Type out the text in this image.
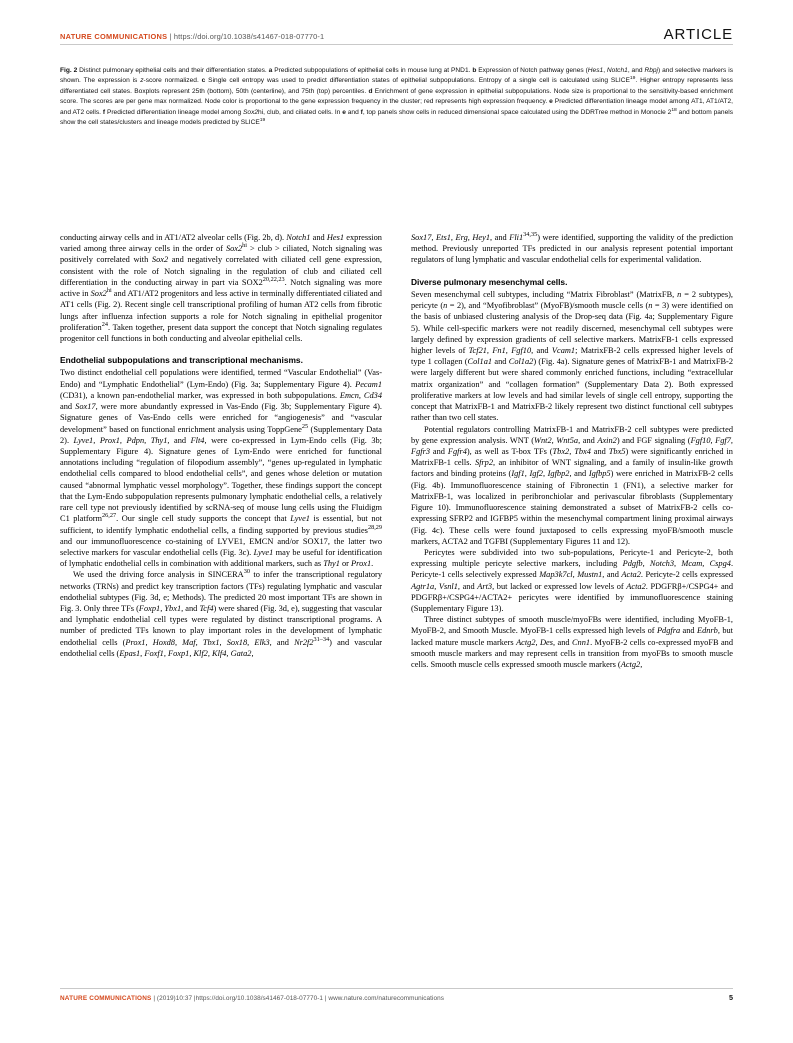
NATURE COMMUNICATIONS | https://doi.org/10.1038/s41467-018-07770-1	ARTICLE
Fig. 2 Distinct pulmonary epithelial cells and their differentiation states. a Predicted subpopulations of epithelial cells in mouse lung at PND1. b Expression of Notch pathway genes (Hes1, Notch1, and Rbpj) and selective markers is shown. The expression is z-score normalized. c Single cell entropy was used to predict differentiation states of epithelial subpopulations. Entropy of a single cell is calculated using SLICE$^{19}$. Higher entropy represents less differentiated cell states. Boxplots represent 25th (bottom), 50th (centerline), and 75th (top) percentiles. d Enrichment of gene expression in epithelial subpopulations. Node size is proportional to the sensitivity-based enrichment score. The scores are per gene max normalized. Node color is proportional to the gene expression frequency in the cluster; red represents high expression frequency. e Predicted differentiation lineage model among AT1, AT1/AT2, and AT2 cells. f Predicted differentiation lineage model among Sox2hi, club, and ciliated cells. In e and f, top panels show cells in reduced dimensional space calculated using the DDRTree method in Monocle $2^{18}$ and bottom panels show the cell states/clusters and lineage models predicted by SLICE$^{19}$

conducting airway cells and in AT1/AT2 alveolar cells (Fig. 2b, d). Notch1 and Hes1 expression varied among three airway cells in the order of $Sox2^{hi}$ > club > ciliated, Notch signaling was positively correlated with Sox2 and negatively correlated with ciliated cell gene expression, consistent with the role of Notch signaling in the regulation of club and ciliated cell differentiation in the conducting airway in part via SOX2$^{20,22,23}$. Notch signaling was more active in $Sox2^{hi}$ and AT1/AT2 progenitors and less active in terminally differentiated ciliated and AT1 cells (Fig. 2). Recent single cell transcriptional profiling of human AT2 cells from fibrotic lungs after influenza infection supports a role for Notch signaling in epithelial progenitor proliferation$^{24}$. Taken together, present data support the concept that Notch signaling regulates progenitor cell functions in both conducting and alveolar epithelial cells.

Endothelial subpopulations and transcriptional mechanisms.

Two distinct endothelial cell populations were identified, termed “Vascular Endothelial” (Vas-Endo) and “Lymphatic Endothelial” (Lym-Endo) (Fig. 3a; Supplementary Figure 4). Pecam1 (CD31), a known pan-endothelial marker, was expressed in both subpopulations. Emcn, Cd34 and Sox17, were more abundantly expressed in Vas-Endo (Fig. 3b; Supplementary Figure 4). Signature genes of Vas-Endo cells were enriched for “angiogenesis” and “vascular development” based on functional enrichment analysis using ToppGene$^{25}$ (Supplementary Data 2). Lyve1, Prox1, Pdpn, Thy1, and Flt4, were co-expressed in Lym-Endo cells (Fig. 3b; Supplementary Figure 4). Signature genes of Lym-Endo were enriched for functional annotations including “regulation of filopodium assembly”, “genes up-regulated in lymphatic endothelial cells compared to blood endothelial cells”, and genes whose deletion or mutation caused “abnormal lymphatic vessel morphology”. Together, these findings support the concept that the Lym-Endo subpopulation represents pulmonary lymphatic endothelial cells, a relatively rare cell type not previously identified by scRNA-seq of mouse lung cells using the Fluidigm C1 platform$^{26,27}$. Our single cell study supports the concept that Lyve1 is essential, but not sufficient, to identify lymphatic endothelial cells, a finding supported by previous studies$^{28,29}$ and our immunofluorescence co-staining of LYVE1, EMCN and/or SOX17, the latter two selective markers for vascular endothelial cells (Fig. 3c). Lyve1 may be useful for identification of lymphatic endothelial cells in combination with additional markers, such as Thy1 or Prox1.

We used the driving force analysis in SINCERA$^{30}$ to infer the transcriptional regulatory networks (TRNs) and predict key transcription factors (TFs) regulating lymphatic and vascular endothelial subtypes (Fig. 3d, e; Methods). The predicted 20 most important TFs are shown in Fig. 3. Only three TFs (Foxp1, Ybx1, and Tcf4) were shared (Fig. 3d, e), suggesting that vascular and lymphatic endothelial cell types were regulated by distinct transcriptional programs. A number of predicted TFs known to play important roles in the development of lymphatic endothelial cells (Prox1, Hoxd8, Maf, Tbx1, Sox18, Elk3, and Nr2f2$^{31-34}$) and vascular endothelial cells (Epas1, Foxf1, Foxp1, Klf2, Klf4, Gata2,

Sox17, Ets1, Erg, Hey1, and Fli1$^{34,35}$) were identified, supporting the validity of the prediction method. Previously unreported TFs predicted in our analysis represent potential important regulators of lung lymphatic and vascular endothelial cells for experimental validation.

Diverse pulmonary mesenchymal cells.

Seven mesenchymal cell subtypes, including “Matrix Fibroblast” (MatrixFB, n = 2 subtypes), pericyte (n = 2), and “Myofibroblast” (MyoFB)/smooth muscle cells (n = 3) were identified on the basis of unbiased clustering analysis of the Drop-seq data (Fig. 4a; Supplementary Figure 5). While cell-specific markers were not readily discerned, mesenchymal cell subtypes were largely defined by expression gradients of cell selective markers. MatrixFB-1 cells expressed higher levels of Tcf21, Fn1, Fgf10, and Vcam1; MatrixFB-2 cells expressed higher levels of type 1 collagen (Col1a1 and Col1a2) (Fig. 4a). Signature genes of MatrixFB-1 and MatrixFB-2 were largely different but were shared commonly enriched functions, including “extracellular matrix organization” and “collagen formation” (Supplementary Data 2). Both expressed proliferative markers at low levels and had similar levels of single cell entropy, supporting the concept that MatrixFB-1 and MatrixFB-2 likely represent two distinct functional cell subtypes rather than two cell states.

Potential regulators controlling MatrixFB-1 and MatrixFB-2 cell subtypes were predicted by gene expression analysis. WNT (Wnt2, Wnt5a, and Axin2) and FGF signaling (Fgf10, Fgf7, Fgfr3 and Fgfr4), as well as T-box TFs (Tbx2, Tbx4 and Tbx5) were significantly enriched in MatrixFB-1 cells. Sfrp2, an inhibitor of WNT signaling, and a family of insulin-like growth factors and binding proteins (Igf1, Igf2, Igfbp2, and Igfbp5) were enriched in MatrixFB-2 cells (Fig. 4b). Immunofluorescence staining of Fibronectin 1 (FN1), a selective marker for MatrixFB-1, was localized in peribronchiolar and perivascular fibroblasts (Supplementary Figure 10). Immunofluorescence staining demonstrated a subset of MatrixFB-2 cells co-expressing SFRP2 and IGFBP5 within the mesenchymal compartment lining proximal airways (Fig. 4c). These cells were found juxtaposed to cells expressing myoFB/smooth muscle markers, ACTA2 and TGFBI (Supplementary Figures 11 and 12).

Pericytes were subdivided into two sub-populations, Pericyte-1 and Pericyte-2, both expressing multiple pericyte selective markers, including Pdgfb, Notch3, Mcam, Cspg4. Pericyte-1 cells selectively expressed Map3k7cl, Mustn1, and Acta2. Pericyte-2 cells expressed Agtr1a, Vsnl1, and Art3, but lacked or expressed low levels of Acta2. PDGFRβ+/CSPG4+ and PDGFRβ+/CSPG4+/ACTA2+ pericytes were identified by immunofluorescence staining (Supplementary Figure 13).

Three distinct subtypes of smooth muscle/myoFBs were identified, including MyoFB-1, MyoFB-2, and Smooth Muscle. MyoFB-1 cells expressed high levels of Pdgfra and Ednrb, but lacked mature muscle markers Actg2, Des, and Cnn1. MyoFB-2 cells co-expressed myoFB and smooth muscle markers and may represent cells in transition from myoFBs to smooth muscle cells. Smooth muscle cells expressed smooth muscle markers (Actg2,

NATURE COMMUNICATIONS | (2019)10:37 |https://doi.org/10.1038/s41467-018-07770-1 | www.nature.com/naturecommunications	5
